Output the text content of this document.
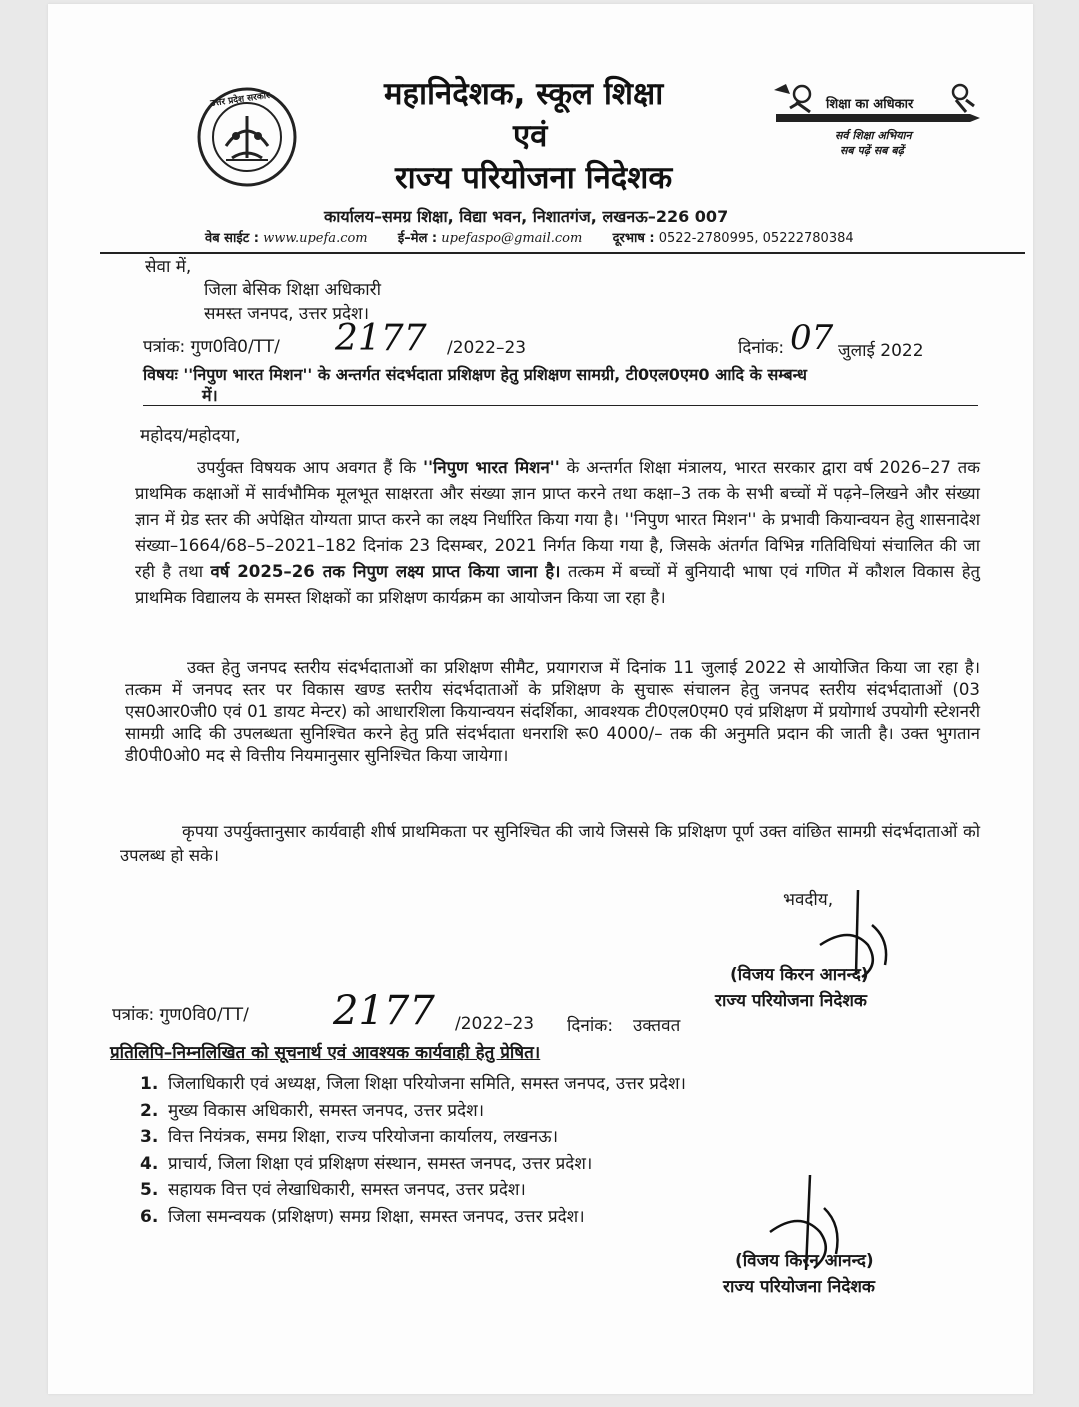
उत्तर प्रदेश सरकार	महानिदेशक, स्कूल शिक्षा
एवं
राज्य परियोजना निदेशक
शिक्षा का अधिकार
सर्व शिक्षा अभियान
सब पढ़ें सब बढ़ें
कार्यालय–समग्र शिक्षा, विद्या भवन, निशातगंज, लखनऊ–226 007
वेब साईट : www.upefa.com ई–मेल : upefaspo@gmail.com दूरभाष : 0522-2780995, 05222780384
सेवा में,
जिला बेसिक शिक्षा अधिकारी
समस्त जनपद, उत्तर प्रदेश।
पत्रांक: गुण0वि0/TT/ 2177 /2022–23	दिनांक: 07 जुलाई 2022
विषयः ''निपुण भारत मिशन'' के अन्तर्गत संदर्भदाता प्रशिक्षण हेतु प्रशिक्षण सामग्री, टी0एल0एम0 आदि के सम्बन्ध
में।
महोदय/महोदया,
उपर्युक्त विषयक आप अवगत हैं कि ''निपुण भारत मिशन'' के अन्तर्गत शिक्षा मंत्रालय, भारत सरकार द्वारा वर्ष 2026–27 तक प्राथमिक कक्षाओं में सार्वभौमिक मूलभूत साक्षरता और संख्या ज्ञान प्राप्त करने तथा कक्षा–3 तक के सभी बच्चों में पढ़ने–लिखने और संख्या ज्ञान में ग्रेड स्तर की अपेक्षित योग्यता प्राप्त करने का लक्ष्य निर्धारित किया गया है। ''निपुण भारत मिशन'' के प्रभावी कियान्वयन हेतु शासनादेश संख्या–1664/68–5–2021–182 दिनांक 23 दिसम्बर, 2021 निर्गत किया गया है, जिसके अंतर्गत विभिन्न गतिविधियां संचालित की जा रही है तथा वर्ष 2025–26 तक निपुण लक्ष्य प्राप्त किया जाना है। तत्कम में बच्चों में बुनियादी भाषा एवं गणित में कौशल विकास हेतु प्राथमिक विद्यालय के समस्त शिक्षकों का प्रशिक्षण कार्यक्रम का आयोजन किया जा रहा है।
उक्त हेतु जनपद स्तरीय संदर्भदाताओं का प्रशिक्षण सीमैट, प्रयागराज में दिनांक 11 जुलाई 2022 से आयोजित किया जा रहा है। तत्कम में जनपद स्तर पर विकास खण्ड स्तरीय संदर्भदाताओं के प्रशिक्षण के सुचारू संचालन हेतु जनपद स्तरीय संदर्भदाताओं (03 एस0आर0जी0 एवं 01 डायट मेन्टर) को आधारशिला कियान्वयन संदर्शिका, आवश्यक टी0एल0एम0 एवं प्रशिक्षण में प्रयोगार्थ उपयोगी स्टेशनरी सामग्री आदि की उपलब्धता सुनिश्चित करने हेतु प्रति संदर्भदाता धनराशि रू0 4000/– तक की अनुमति प्रदान की जाती है। उक्त भुगतान डी0पी0ओ0 मद से वित्तीय नियमानुसार सुनिश्चित किया जायेगा।
कृपया उपर्युक्तानुसार कार्यवाही शीर्ष प्राथमिकता पर सुनिश्चित की जाये जिससे कि प्रशिक्षण पूर्ण उक्त वांछित सामग्री संदर्भदाताओं को उपलब्ध हो सके।
भवदीय,
(विजय किरन आनन्द)
राज्य परियोजना निदेशक
पत्रांक: गुण0वि0/TT/ 2177 /2022–23 दिनांक: उक्तवत
प्रतिलिपि–निम्नलिखित को सूचनार्थ एवं आवश्यक कार्यवाही हेतु प्रेषित।
1. जिलाधिकारी एवं अध्यक्ष, जिला शिक्षा परियोजना समिति, समस्त जनपद, उत्तर प्रदेश।
2. मुख्य विकास अधिकारी, समस्त जनपद, उत्तर प्रदेश।
3. वित्त नियंत्रक, समग्र शिक्षा, राज्य परियोजना कार्यालय, लखनऊ।
4. प्राचार्य, जिला शिक्षा एवं प्रशिक्षण संस्थान, समस्त जनपद, उत्तर प्रदेश।
5. सहायक वित्त एवं लेखाधिकारी, समस्त जनपद, उत्तर प्रदेश।
6. जिला समन्वयक (प्रशिक्षण) समग्र शिक्षा, समस्त जनपद, उत्तर प्रदेश।
(विजय किरन आनन्द)
राज्य परियोजना निदेशक
